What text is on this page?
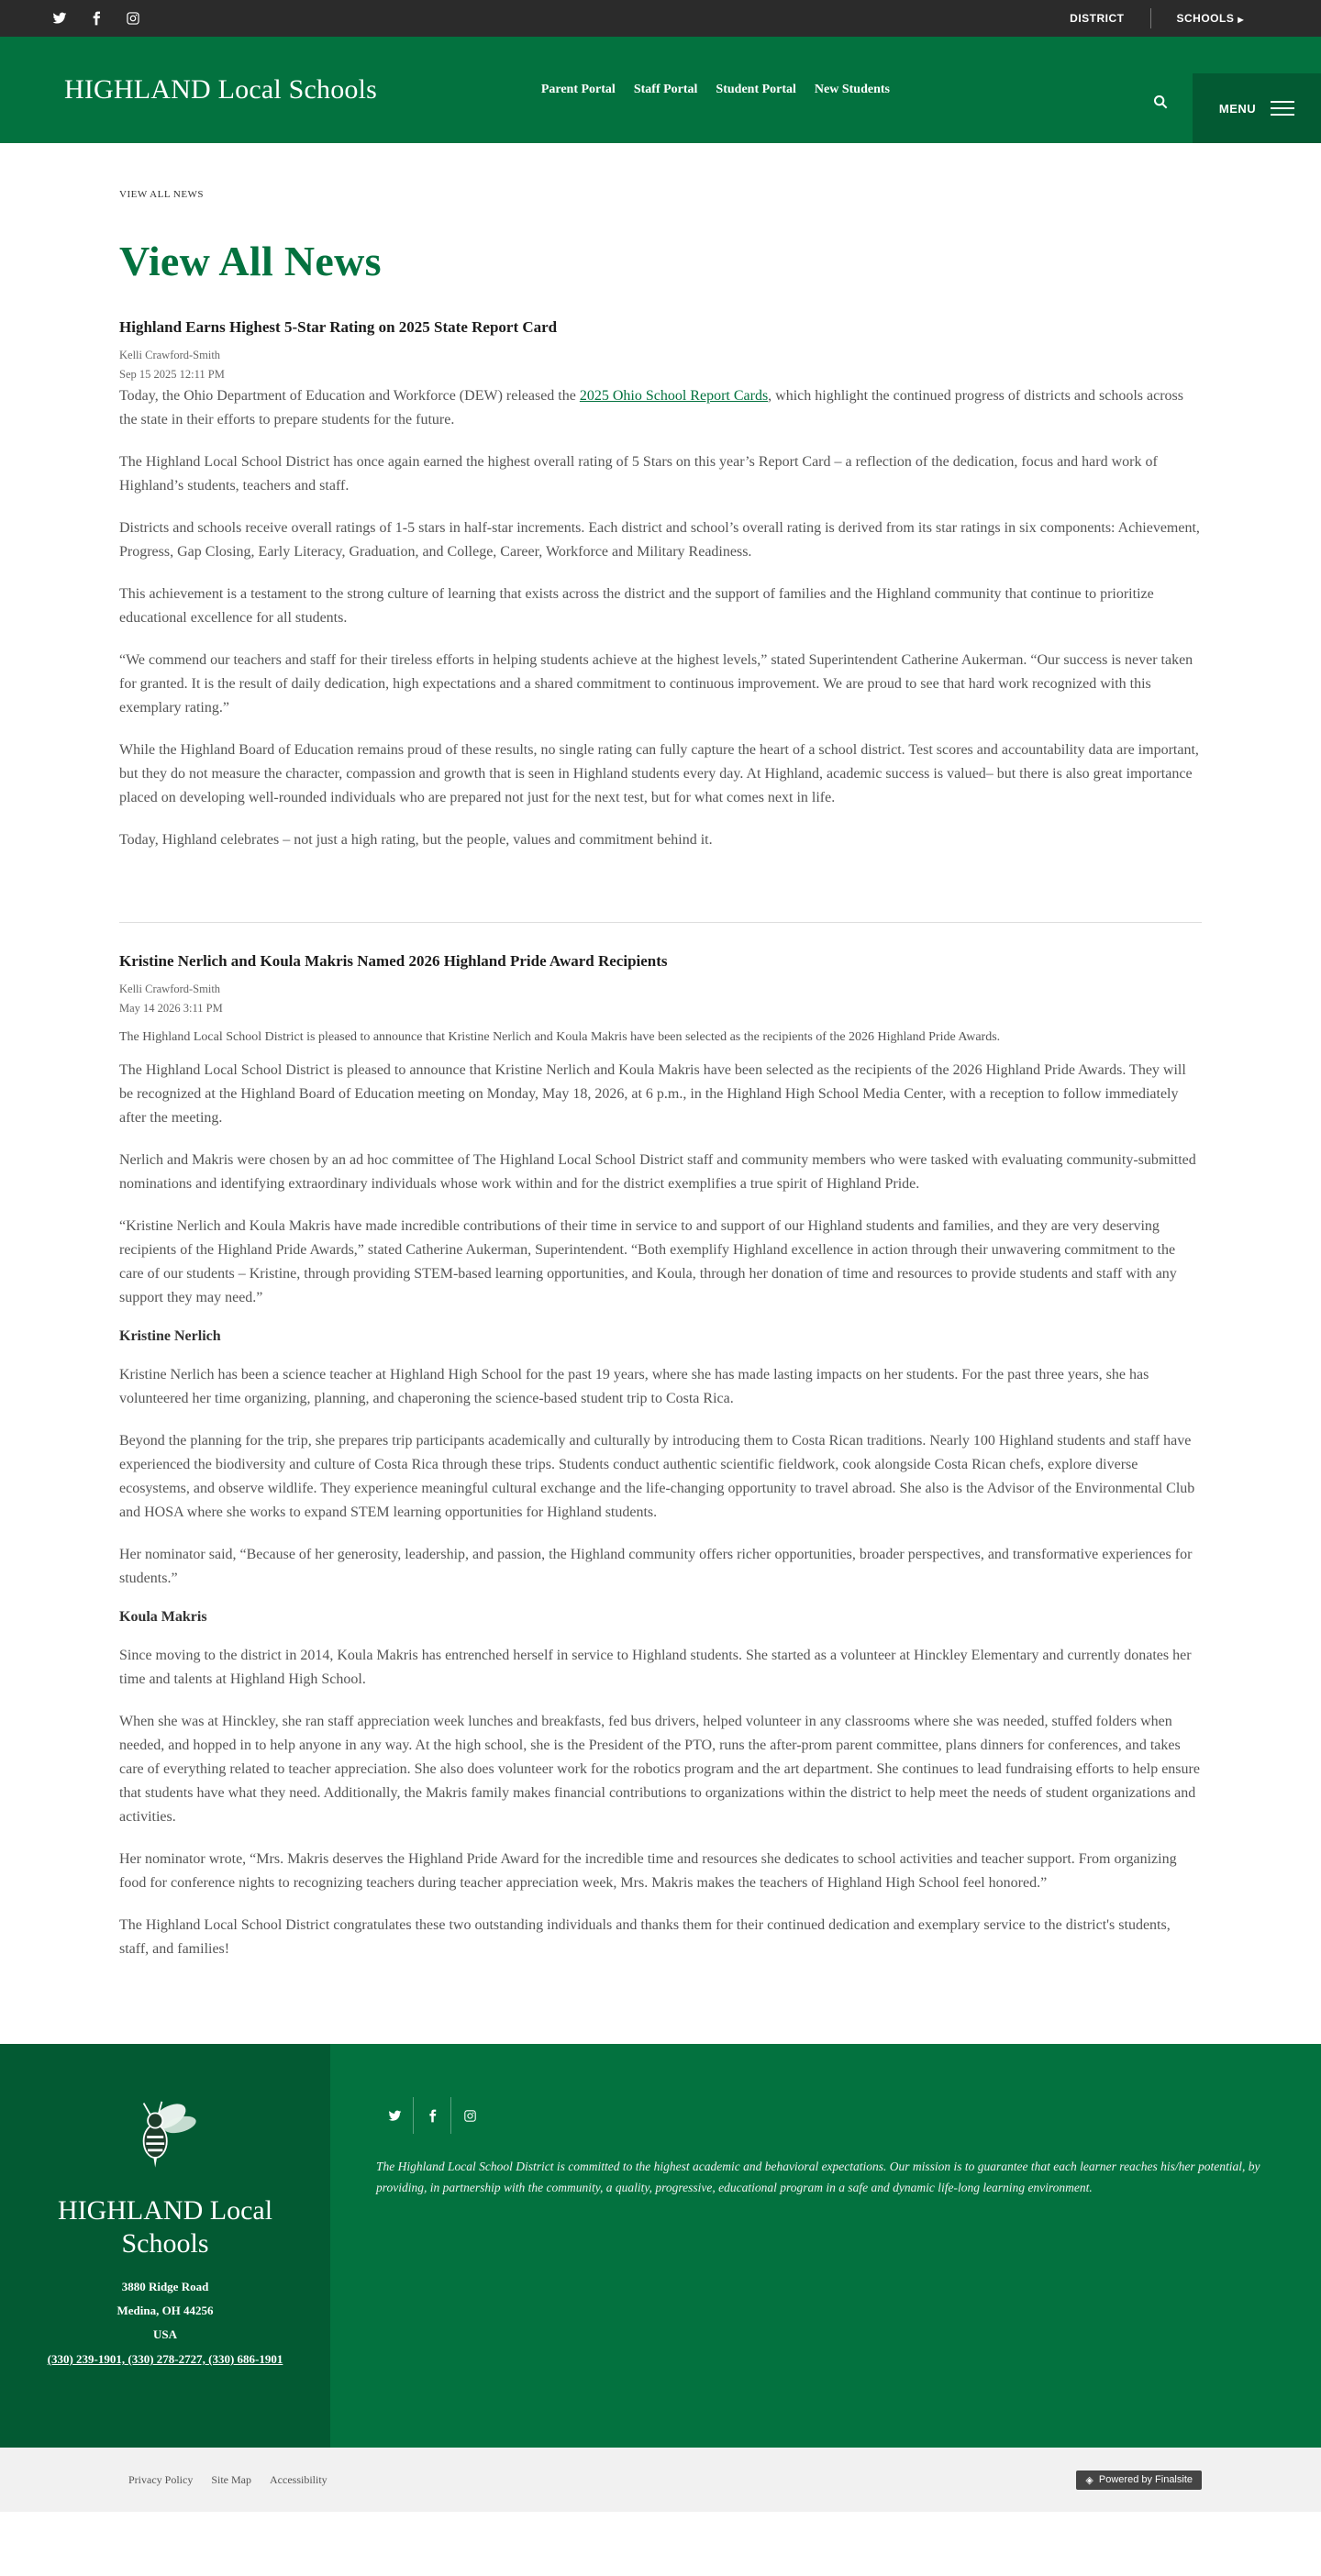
DISTRICT	SCHOOLS ▶
HIGHLAND Local Schools	Parent Portal Staff Portal Student Portal New Students
MENU
VIEW ALL NEWS
View All News
Highland Earns Highest 5-Star Rating on 2025 State Report Card
Kelli Crawford-Smith
Sep 15 2025 12:11 PM

Today, the Ohio Department of Education and Workforce (DEW) released the 2025 Ohio School Report Cards, which highlight the continued progress of districts and schools across the state in their efforts to prepare students for the future.

The Highland Local School District has once again earned the highest overall rating of 5 Stars on this year’s Report Card – a reflection of the dedication, focus and hard work of Highland’s students, teachers and staff.

Districts and schools receive overall ratings of 1-5 stars in half-star increments. Each district and school’s overall rating is derived from its star ratings in six components: Achievement, Progress, Gap Closing, Early Literacy, Graduation, and College, Career, Workforce and Military Readiness.

This achievement is a testament to the strong culture of learning that exists across the district and the support of families and the Highland community that continue to prioritize educational excellence for all students.

“We commend our teachers and staff for their tireless efforts in helping students achieve at the highest levels,” stated Superintendent Catherine Aukerman. “Our success is never taken for granted. It is the result of daily dedication, high expectations and a shared commitment to continuous improvement. We are proud to see that hard work recognized with this exemplary rating.”

While the Highland Board of Education remains proud of these results, no single rating can fully capture the heart of a school district. Test scores and accountability data are important, but they do not measure the character, compassion and growth that is seen in Highland students every day. At Highland, academic success is valued– but there is also great importance placed on developing well-rounded individuals who are prepared not just for the next test, but for what comes next in life.

Today, Highland celebrates – not just a high rating, but the people, values and commitment behind it.

Kristine Nerlich and Koula Makris Named 2026 Highland Pride Award Recipients
Kelli Crawford-Smith
May 14 2026 3:11 PM

The Highland Local School District is pleased to announce that Kristine Nerlich and Koula Makris have been selected as the recipients of the 2026 Highland Pride Awards.

The Highland Local School District is pleased to announce that Kristine Nerlich and Koula Makris have been selected as the recipients of the 2026 Highland Pride Awards. They will be recognized at the Highland Board of Education meeting on Monday, May 18, 2026, at 6 p.m., in the Highland High School Media Center, with a reception to follow immediately after the meeting.

Nerlich and Makris were chosen by an ad hoc committee of The Highland Local School District staff and community members who were tasked with evaluating community-submitted nominations and identifying extraordinary individuals whose work within and for the district exemplifies a true spirit of Highland Pride.

“Kristine Nerlich and Koula Makris have made incredible contributions of their time in service to and support of our Highland students and families, and they are very deserving recipients of the Highland Pride Awards,” stated Catherine Aukerman, Superintendent. “Both exemplify Highland excellence in action through their unwavering commitment to the care of our students – Kristine, through providing STEM-based learning opportunities, and Koula, through her donation of time and resources to provide students and staff with any support they may need.”

Kristine Nerlich

Kristine Nerlich has been a science teacher at Highland High School for the past 19 years, where she has made lasting impacts on her students. For the past three years, she has volunteered her time organizing, planning, and chaperoning the science-based student trip to Costa Rica.

Beyond the planning for the trip, she prepares trip participants academically and culturally by introducing them to Costa Rican traditions. Nearly 100 Highland students and staff have experienced the biodiversity and culture of Costa Rica through these trips. Students conduct authentic scientific fieldwork, cook alongside Costa Rican chefs, explore diverse ecosystems, and observe wildlife. They experience meaningful cultural exchange and the life-changing opportunity to travel abroad. She also is the Advisor of the Environmental Club and HOSA where she works to expand STEM learning opportunities for Highland students.

Her nominator said, “Because of her generosity, leadership, and passion, the Highland community offers richer opportunities, broader perspectives, and transformative experiences for students.”

Koula Makris

Since moving to the district in 2014, Koula Makris has entrenched herself in service to Highland students. She started as a volunteer at Hinckley Elementary and currently donates her time and talents at Highland High School.

When she was at Hinckley, she ran staff appreciation week lunches and breakfasts, fed bus drivers, helped volunteer in any classrooms where she was needed, stuffed folders when needed, and hopped in to help anyone in any way. At the high school, she is the President of the PTO, runs the after-prom parent committee, plans dinners for conferences, and takes care of everything related to teacher appreciation. She also does volunteer work for the robotics program and the art department. She continues to lead fundraising efforts to help ensure that students have what they need. Additionally, the Makris family makes financial contributions to organizations within the district to help meet the needs of student organizations and activities.

Her nominator wrote, “Mrs. Makris deserves the Highland Pride Award for the incredible time and resources she dedicates to school activities and teacher support. From organizing food for conference nights to recognizing teachers during teacher appreciation week, Mrs. Makris makes the teachers of Highland High School feel honored.”

The Highland Local School District congratulates these two outstanding individuals and thanks them for their continued dedication and exemplary service to the district's students, staff, and families!

HIGHLAND Local Schools
3880 Ridge Road
Medina, OH 44256
USA
(330) 239-1901, (330) 278-2727, (330) 686-1901

The Highland Local School District is committed to the highest academic and behavioral expectations. Our mission is to guarantee that each learner reaches his/her potential, by providing, in partnership with the community, a quality, progressive, educational program in a safe and dynamic life-long learning environment.

Privacy Policy Site Map Accessibility	◈ Powered by Finalsite
